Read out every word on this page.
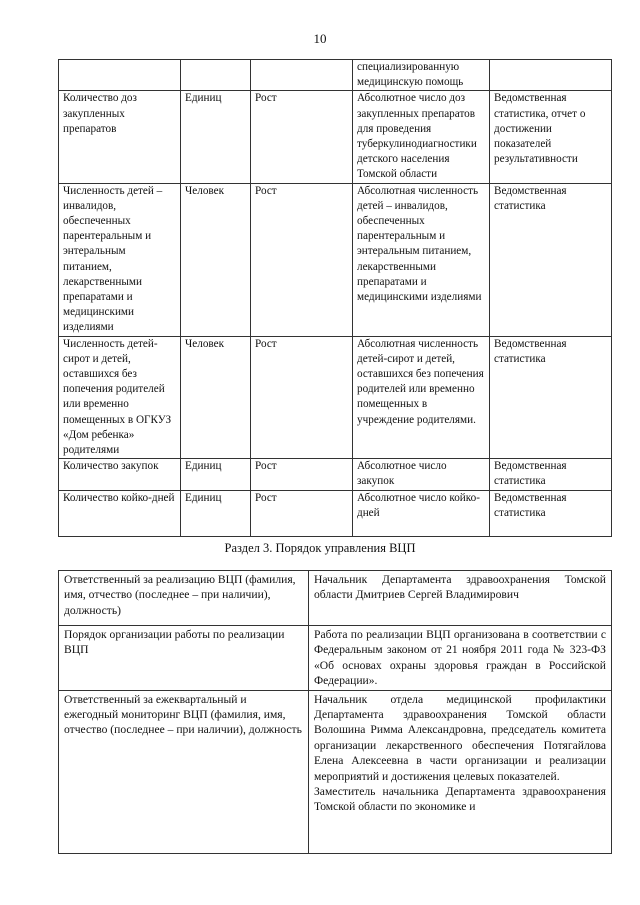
10
			специализированную медицинскую помощь	
Количество доз закупленных препаратов	Единиц	Рост	Абсолютное число доз закупленных препаратов для проведения туберкулинодиагностики детского населения Томской области	Ведомственная статистика, отчет о достижении показателей результативности
Численность детей – инвалидов, обеспеченных парентеральным и энтеральным питанием, лекарственными препаратами и медицинскими изделиями	Человек	Рост	Абсолютная численность детей – инвалидов, обеспеченных парентеральным и энтеральным питанием, лекарственными препаратами и медицинскими изделиями	Ведомственная статистика
Численность детей-сирот и детей, оставшихся без попечения родителей или временно помещенных в ОГКУЗ «Дом ребенка» родителями	Человек	Рост	Абсолютная численность детей-сирот и детей, оставшихся без попечения родителей или временно помещенных в учреждение родителями.	Ведомственная статистика
Количество закупок	Единиц	Рост	Абсолютное число закупок	Ведомственная статистика
Количество койко-дней	Единиц	Рост	Абсолютное число койко-дней	Ведомственная статистика
Раздел 3. Порядок управления ВЦП
Ответственный за реализацию ВЦП (фамилия, имя, отчество (последнее – при наличии), должность)	Начальник Департамента здравоохранения Томской области Дмитриев Сергей Владимирович

Порядок организации работы по реализации ВЦП	Работа по реализации ВЦП организована в соответствии с Федеральным законом от 21 ноября 2011 года № 323-ФЗ «Об основах охраны здоровья граждан в Российской Федерации».

Ответственный за ежеквартальный и ежегодный мониторинг ВЦП (фамилия, имя, отчество (последнее – при наличии), должность	Начальник отдела медицинской профилактики Департамента здравоохранения Томской области Волошина Римма Александровна, председатель комитета организации лекарственного обеспечения Потягайлова Елена Алексеевна в части организации и реализации мероприятий и достижения целевых показателей.
Заместитель начальника Департамента здравоохранения Томской области по экономике и
